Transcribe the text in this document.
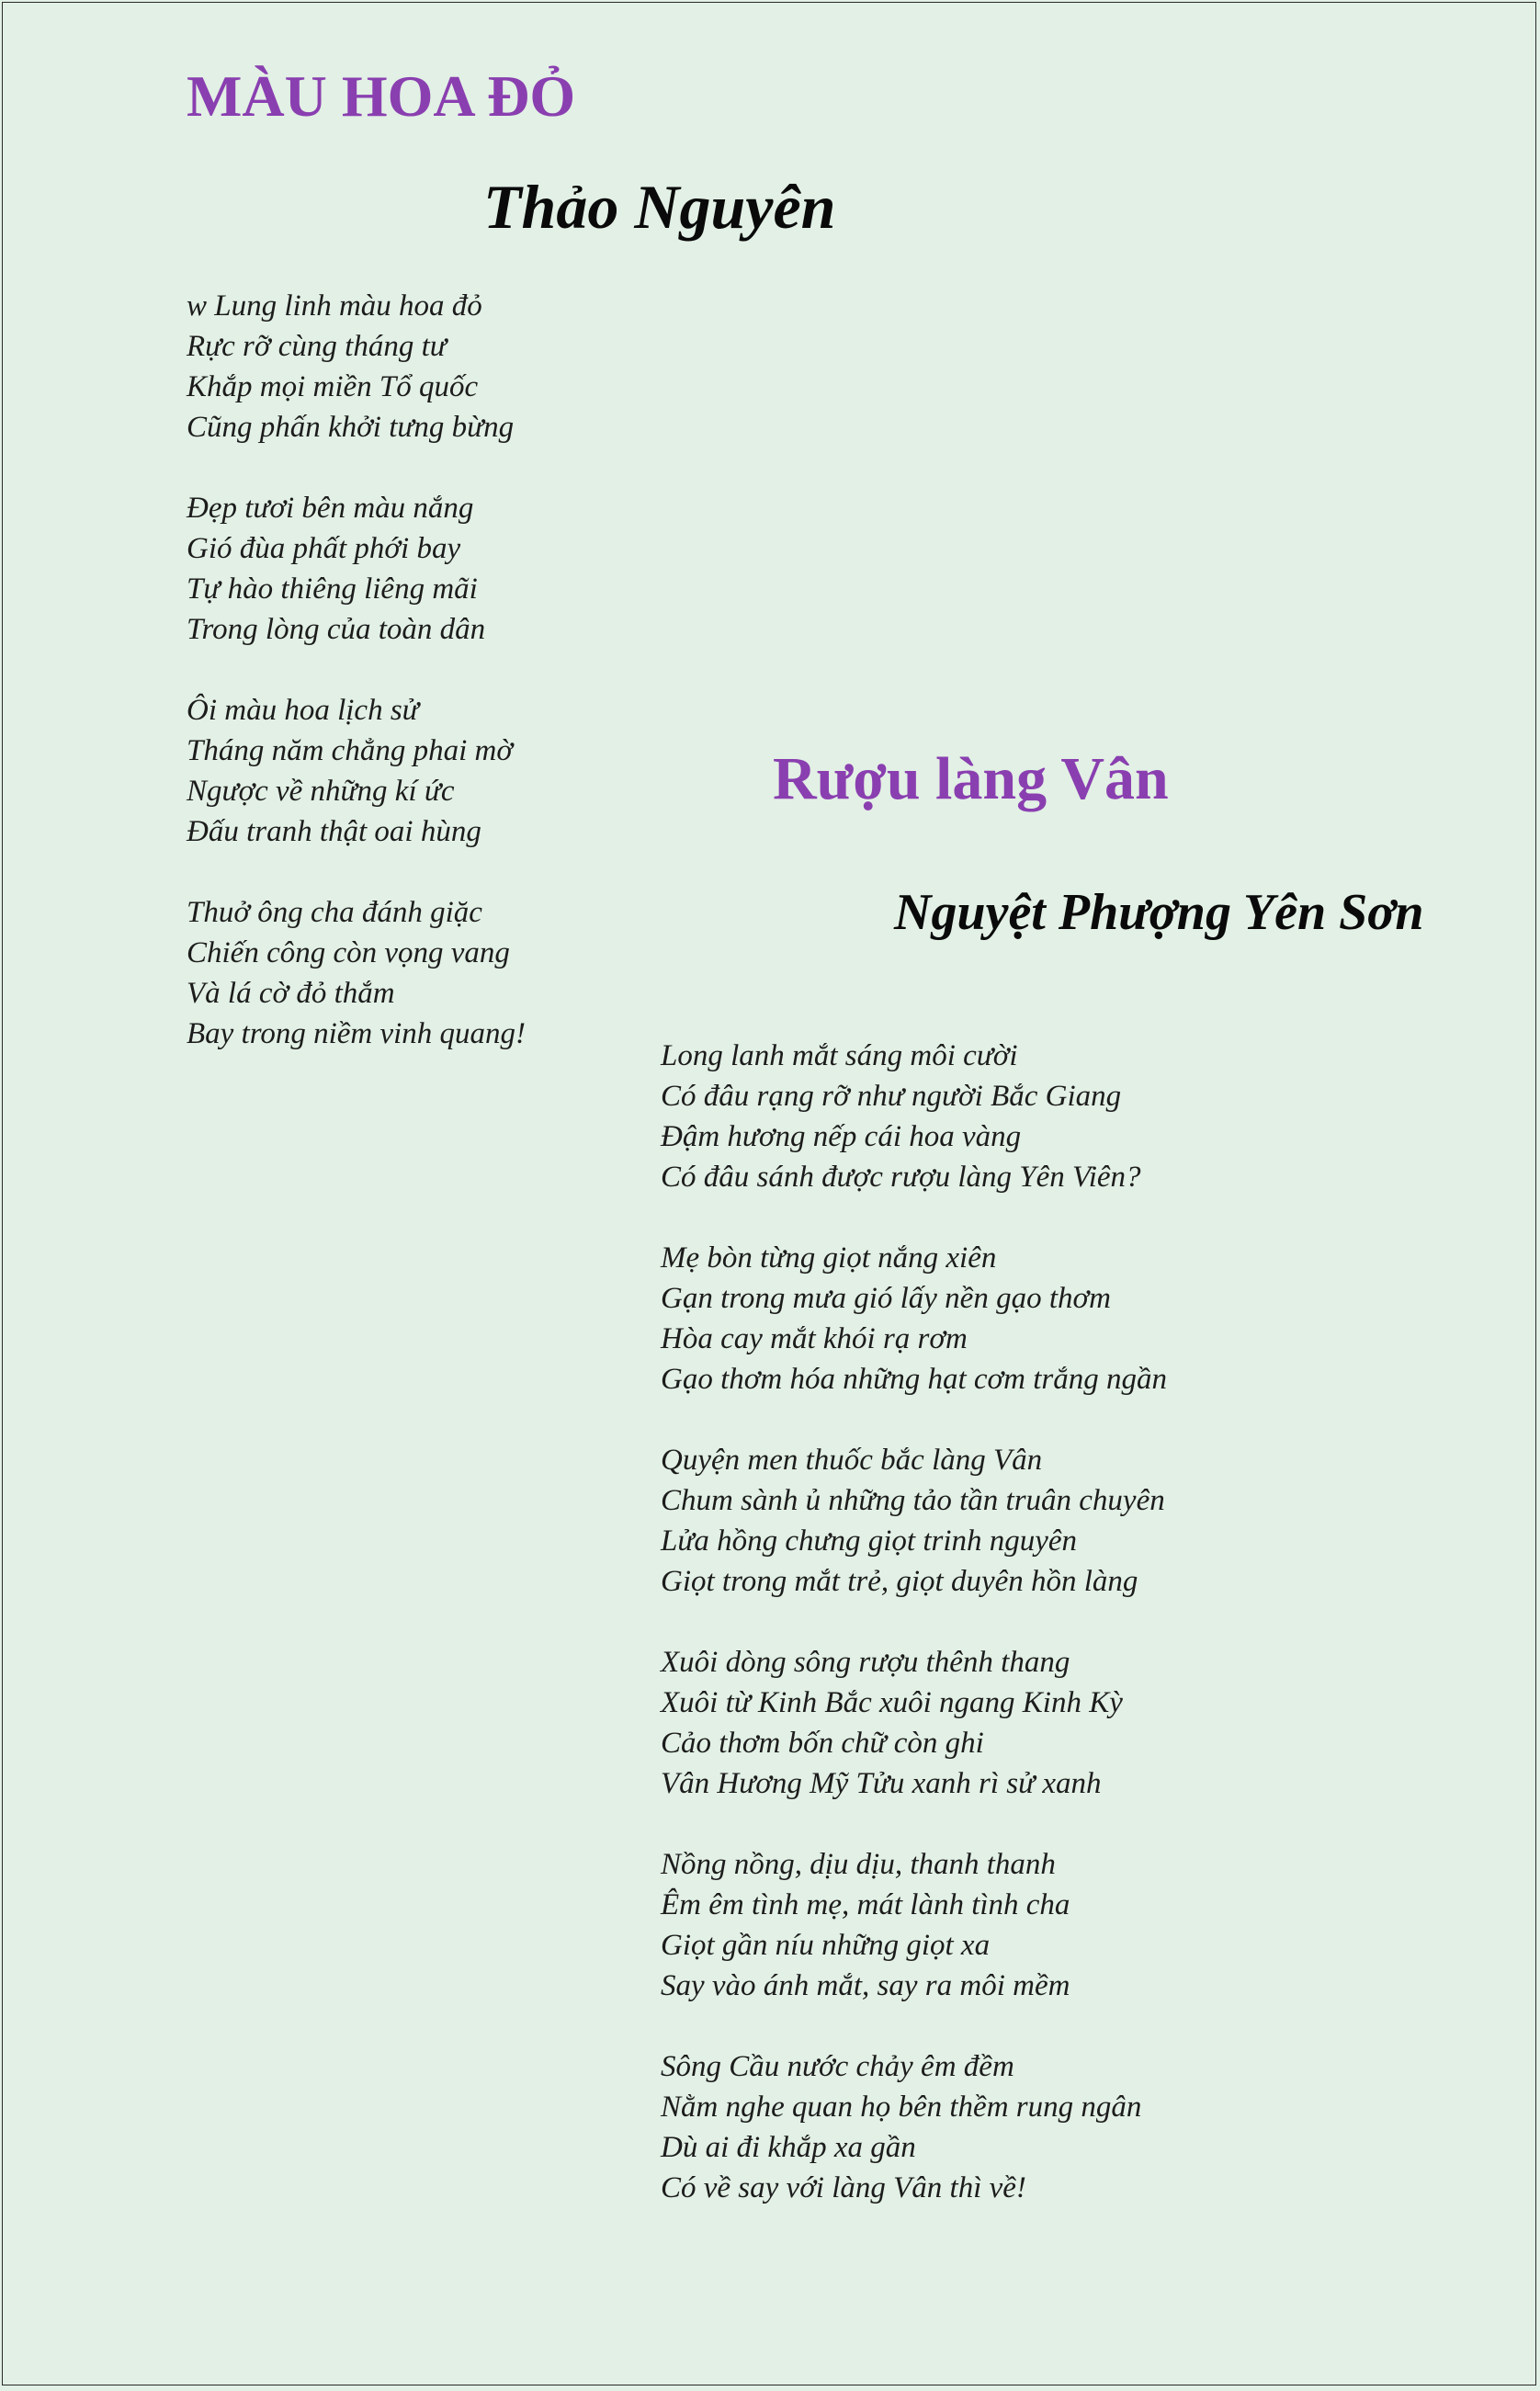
MÀU HOA ĐỎ
Thảo Nguyên
w Lung linh màu hoa đỏ
Rực rỡ cùng tháng tư
Khắp mọi miền Tổ quốc
Cũng phấn khởi tưng bừng
Đẹp tươi bên màu nắng
Gió đùa phất phới bay
Tự hào thiêng liêng mãi
Trong lòng của toàn dân
Ôi màu hoa lịch sử
Tháng năm chẳng phai mờ
Ngược về những kí ức
Đấu tranh thật oai hùng
Thuở ông cha đánh giặc
Chiến công còn vọng vang
Và lá cờ đỏ thắm
Bay trong niềm vinh quang!
Rượu làng Vân
Nguyệt Phượng Yên Sơn
Long lanh mắt sáng môi cười
Có đâu rạng rỡ như người Bắc Giang
Đậm hương nếp cái hoa vàng
Có đâu sánh được rượu làng Yên Viên?
Mẹ bòn từng giọt nắng xiên
Gạn trong mưa gió lấy nền gạo thơm
Hòa cay mắt khói rạ rơm
Gạo thơm hóa những hạt cơm trắng ngần
Quyện men thuốc bắc làng Vân
Chum sành ủ những tảo tần truân chuyên
Lửa hồng chưng giọt trinh nguyên
Giọt trong mắt trẻ, giọt duyên hồn làng
Xuôi dòng sông rượu thênh thang
Xuôi từ Kinh Bắc xuôi ngang Kinh Kỳ
Cảo thơm bốn chữ còn ghi
Vân Hương Mỹ Tửu xanh rì sử xanh
Nồng nồng, dịu dịu, thanh thanh
Êm êm tình mẹ, mát lành tình cha
Giọt gần níu những giọt xa
Say vào ánh mắt, say ra môi mềm
Sông Cầu nước chảy êm đềm
Nằm nghe quan họ bên thềm rung ngân
Dù ai đi khắp xa gần
Có về say với làng Vân thì về!
